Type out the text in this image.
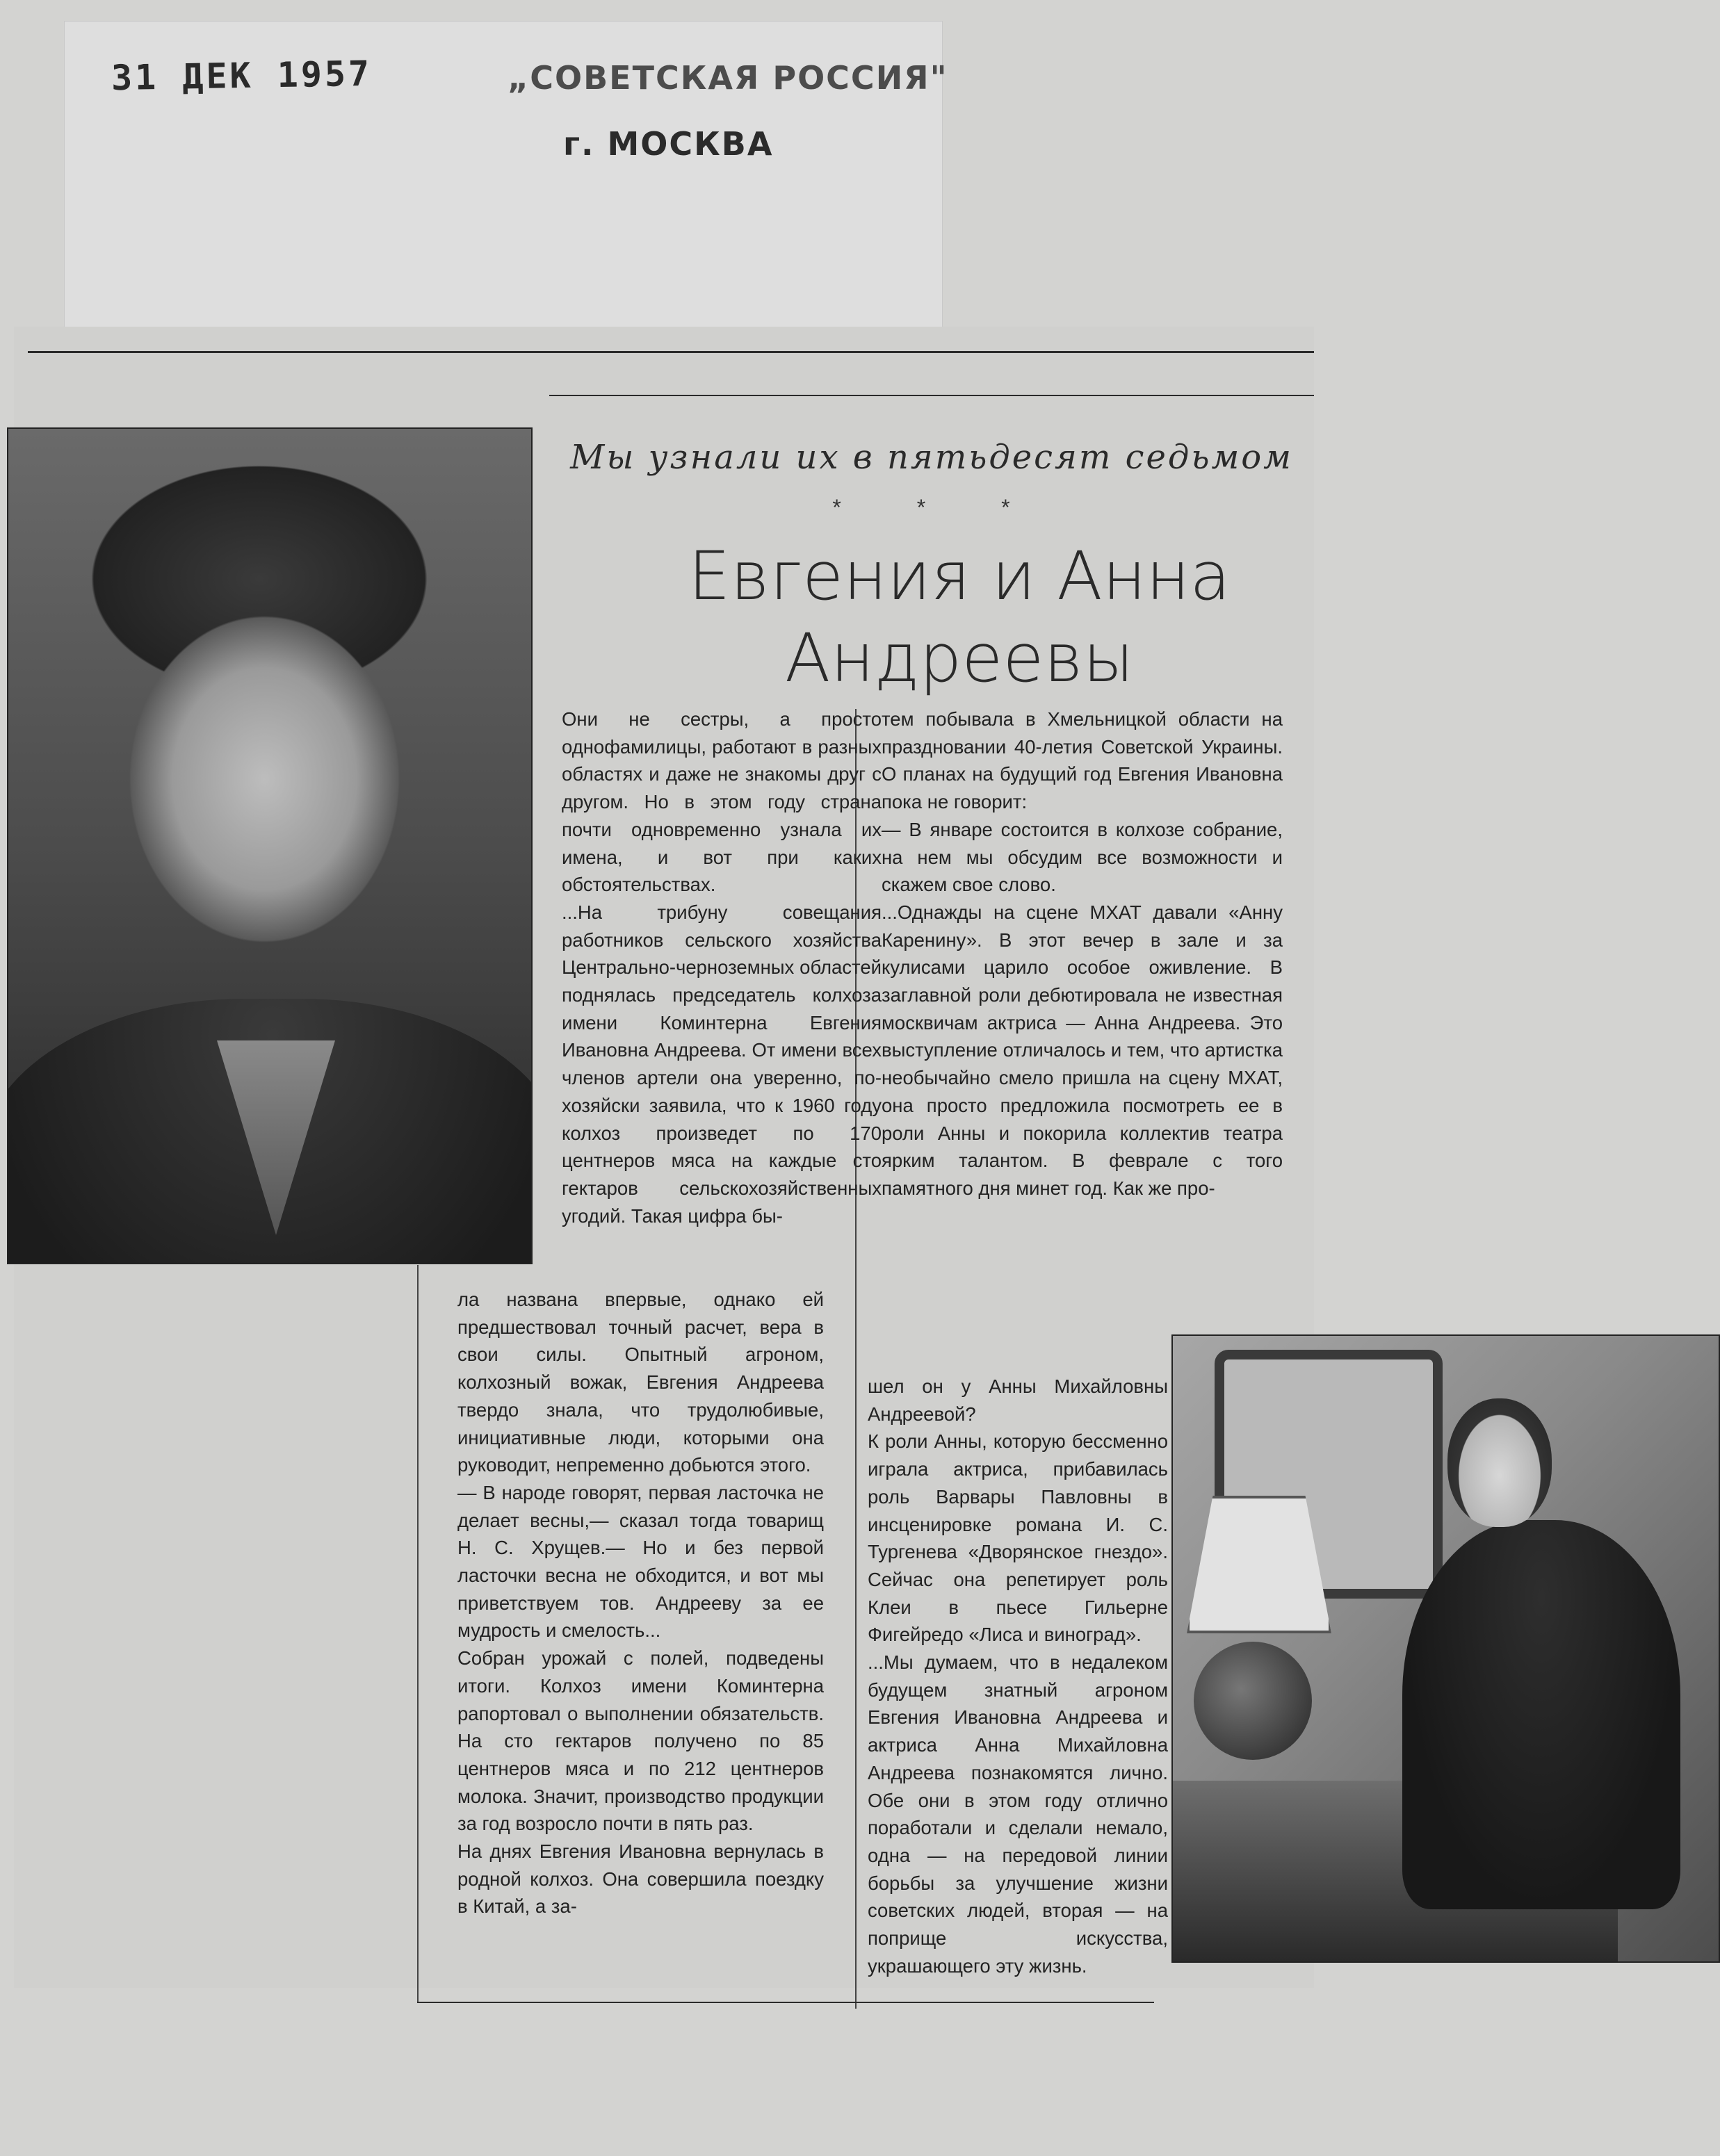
31 ДЕК 1957	„СОВЕТСКАЯ РОССИЯ"
г. МОСКВА
Мы узнали их в пятьдесят седьмом
* * *
Евгения и Анна
Андреевы
Они не сестры, а просто однофамилицы, работают в разных областях и даже не знакомы друг с другом. Но в этом году страна почти одновременно узнала их имена, и вот при каких обстоятельствах.
...На трибуну совещания работников сельского хозяйства Центрально-черноземных областей поднялась председатель колхоза имени Коминтерна Евгения Ивановна Андреева. От имени всех членов артели она уверенно, по-хозяйски заявила, что к 1960 году колхоз произведет по 170 центнеров мяса на каждые сто гектаров сельскохозяйственных угодий. Такая цифра бы-
ла названа впервые, однако ей предшествовал точный расчет, вера в свои силы. Опытный агроном, колхозный вожак, Евгения Андреева твердо знала, что трудолюбивые, инициативные люди, которыми она руководит, непременно добьются этого.
— В народе говорят, первая ласточка не делает весны,— сказал тогда товарищ Н. С. Хрущев.— Но и без первой ласточки весна не обходится, и вот мы приветствуем тов. Андрееву за ее мудрость и смелость...
Собран урожай с полей, подведены итоги. Колхоз имени Коминтерна рапортовал о выполнении обязательств. На сто гектаров получено по 85 центнеров мяса и по 212 центнеров молока. Значит, производство продукции за год возросло почти в пять раз.
На днях Евгения Ивановна вернулась в родной колхоз. Она совершила поездку в Китай, а за-
тем побывала в Хмельницкой области на праздновании 40-летия Советской Украины. О планах на будущий год Евгения Ивановна пока не говорит:
— В январе состоится в колхозе собрание, на нем мы обсудим все возможности и скажем свое слово.
...Однажды на сцене МХАТ давали «Анну Каренину». В этот вечер в зале и за кулисами царило особое оживление. В заглавной роли дебютировала не известная москвичам актриса — Анна Андреева. Это выступление отличалось и тем, что артистка необычайно смело пришла на сцену МХАТ, она просто предложила посмотреть ее в роли Анны и покорила коллектив театра ярким талантом. В феврале с того памятного дня минет год. Как же про-
шел он у Анны Михайловны Андреевой?
К роли Анны, которую бессменно играла актриса, прибавилась роль Варвары Павловны в инсценировке романа И. С. Тургенева «Дворянское гнездо». Сейчас она репетирует роль Клеи в пьесе Гильерне Фигейредо «Лиса и виноград».
...Мы думаем, что в недалеком будущем знатный агроном Евгения Ивановна Андреева и актриса Анна Михайловна Андреева познакомятся лично. Обе они в этом году отлично поработали и сделали немало, одна — на передовой линии борьбы за улучшение жизни советских людей, вторая — на поприще искусства, украшающего эту жизнь.
